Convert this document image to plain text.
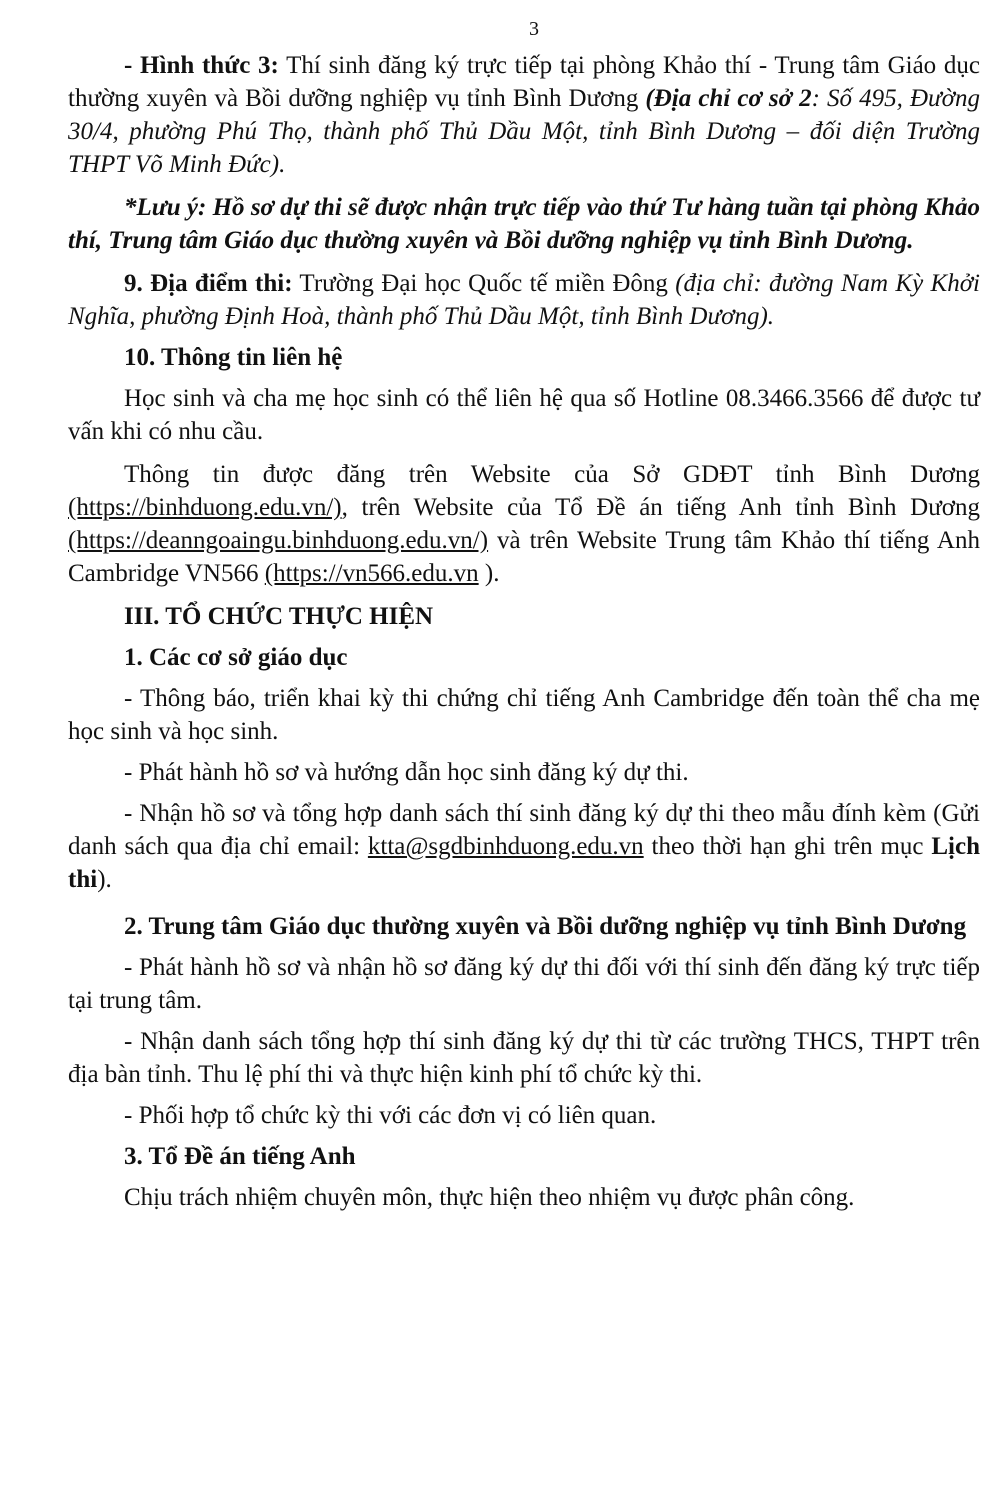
3

- Hình thức 3: Thí sinh đăng ký trực tiếp tại phòng Khảo thí - Trung tâm Giáo dục thường xuyên và Bồi dưỡng nghiệp vụ tỉnh Bình Dương (Địa chỉ cơ sở 2: Số 495, Đường 30/4, phường Phú Thọ, thành phố Thủ Dầu Một, tỉnh Bình Dương – đối diện Trường THPT Võ Minh Đức).

*Lưu ý: Hồ sơ dự thi sẽ được nhận trực tiếp vào thứ Tư hàng tuần tại phòng Khảo thí, Trung tâm Giáo dục thường xuyên và Bồi dưỡng nghiệp vụ tỉnh Bình Dương.

9. Địa điểm thi: Trường Đại học Quốc tế miền Đông (địa chỉ: đường Nam Kỳ Khởi Nghĩa, phường Định Hoà, thành phố Thủ Dầu Một, tỉnh Bình Dương).

10. Thông tin liên hệ

Học sinh và cha mẹ học sinh có thể liên hệ qua số Hotline 08.3466.3566 để được tư vấn khi có nhu cầu.

Thông tin được đăng trên Website của Sở GDĐT tỉnh Bình Dương (https://binhduong.edu.vn/), trên Website của Tổ Đề án tiếng Anh tỉnh Bình Dương (https://deanngoaingu.binhduong.edu.vn/) và trên Website Trung tâm Khảo thí tiếng Anh Cambridge VN566 (https://vn566.edu.vn ).

III. TỔ CHỨC THỰC HIỆN

1. Các cơ sở giáo dục

- Thông báo, triển khai kỳ thi chứng chỉ tiếng Anh Cambridge đến toàn thể cha mẹ học sinh và học sinh.

- Phát hành hồ sơ và hướng dẫn học sinh đăng ký dự thi.

- Nhận hồ sơ và tổng hợp danh sách thí sinh đăng ký dự thi theo mẫu đính kèm (Gửi danh sách qua địa chỉ email: ktta@sgdbinhduong.edu.vn theo thời hạn ghi trên mục Lịch thi).

2. Trung tâm Giáo dục thường xuyên và Bồi dưỡng nghiệp vụ tỉnh Bình Dương

- Phát hành hồ sơ và nhận hồ sơ đăng ký dự thi đối với thí sinh đến đăng ký trực tiếp tại trung tâm.

- Nhận danh sách tổng hợp thí sinh đăng ký dự thi từ các trường THCS, THPT trên địa bàn tỉnh. Thu lệ phí thi và thực hiện kinh phí tổ chức kỳ thi.

- Phối hợp tổ chức kỳ thi với các đơn vị có liên quan.

3. Tổ Đề án tiếng Anh

Chịu trách nhiệm chuyên môn, thực hiện theo nhiệm vụ được phân công.
